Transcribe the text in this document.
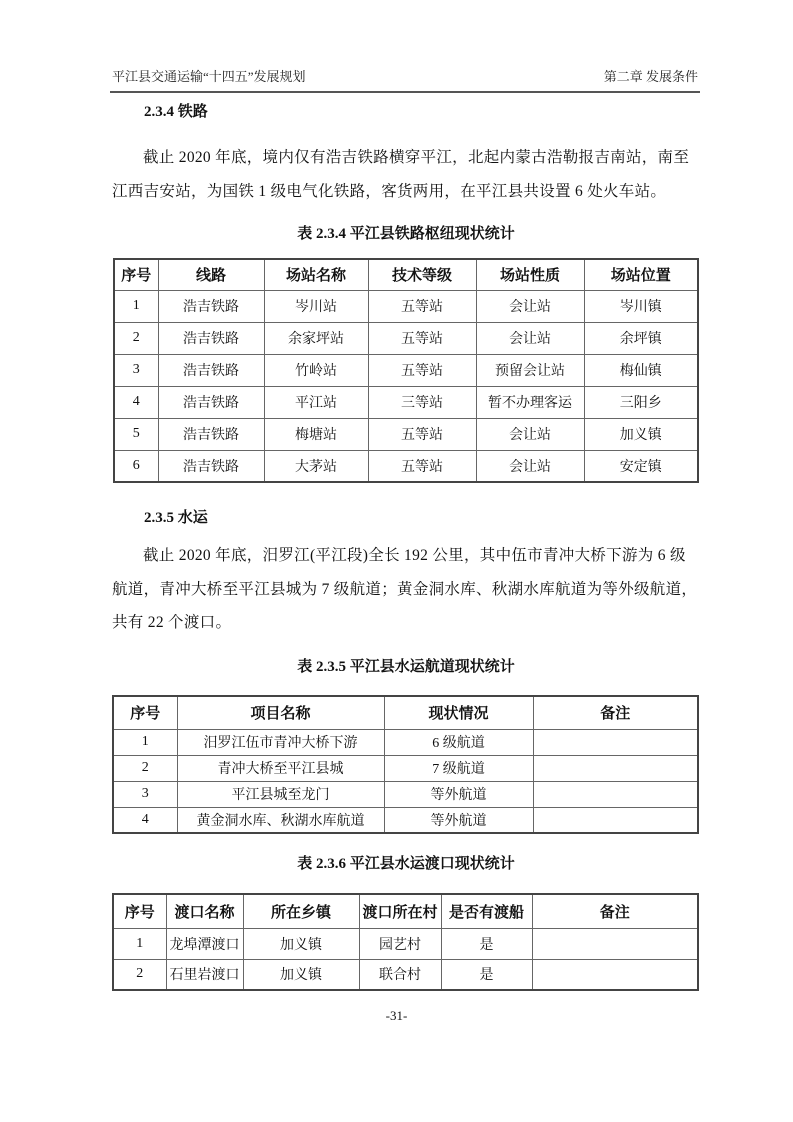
平江县交通运输“十四五”发展规划	第二章 发展条件
2.3.4 铁路
截止 2020 年底，境内仅有浩吉铁路横穿平江，北起内蒙古浩勒报吉南站，南至
江西吉安站，为国铁 1 级电气化铁路，客货两用，在平江县共设置 6 处火车站。
表 2.3.4 平江县铁路枢纽现状统计
序号	线路	场站名称	技术等级	场站性质	场站位置
1	浩吉铁路	岑川站	五等站	会让站	岑川镇
2	浩吉铁路	余家坪站	五等站	会让站	余坪镇
3	浩吉铁路	竹岭站	五等站	预留会让站	梅仙镇
4	浩吉铁路	平江站	三等站	暂不办理客运	三阳乡
5	浩吉铁路	梅塘站	五等站	会让站	加义镇
6	浩吉铁路	大茅站	五等站	会让站	安定镇
2.3.5 水运
截止 2020 年底，汨罗江(平江段)全长 192 公里，其中伍市青冲大桥下游为 6 级
航道，青冲大桥至平江县城为 7 级航道；黄金洞水库、秋湖水库航道为等外级航道，
共有 22 个渡口。
表 2.3.5 平江县水运航道现状统计
序号	项目名称	现状情况	备注
1	汨罗江伍市青冲大桥下游	6 级航道	
2	青冲大桥至平江县城	7 级航道	
3	平江县城至龙门	等外航道	
4	黄金洞水库、秋湖水库航道	等外航道	
表 2.3.6 平江县水运渡口现状统计
序号	渡口名称	所在乡镇	渡口所在村	是否有渡船	备注
1	龙埠潭渡口	加义镇	园艺村	是	
2	石里岩渡口	加义镇	联合村	是	
-31-
